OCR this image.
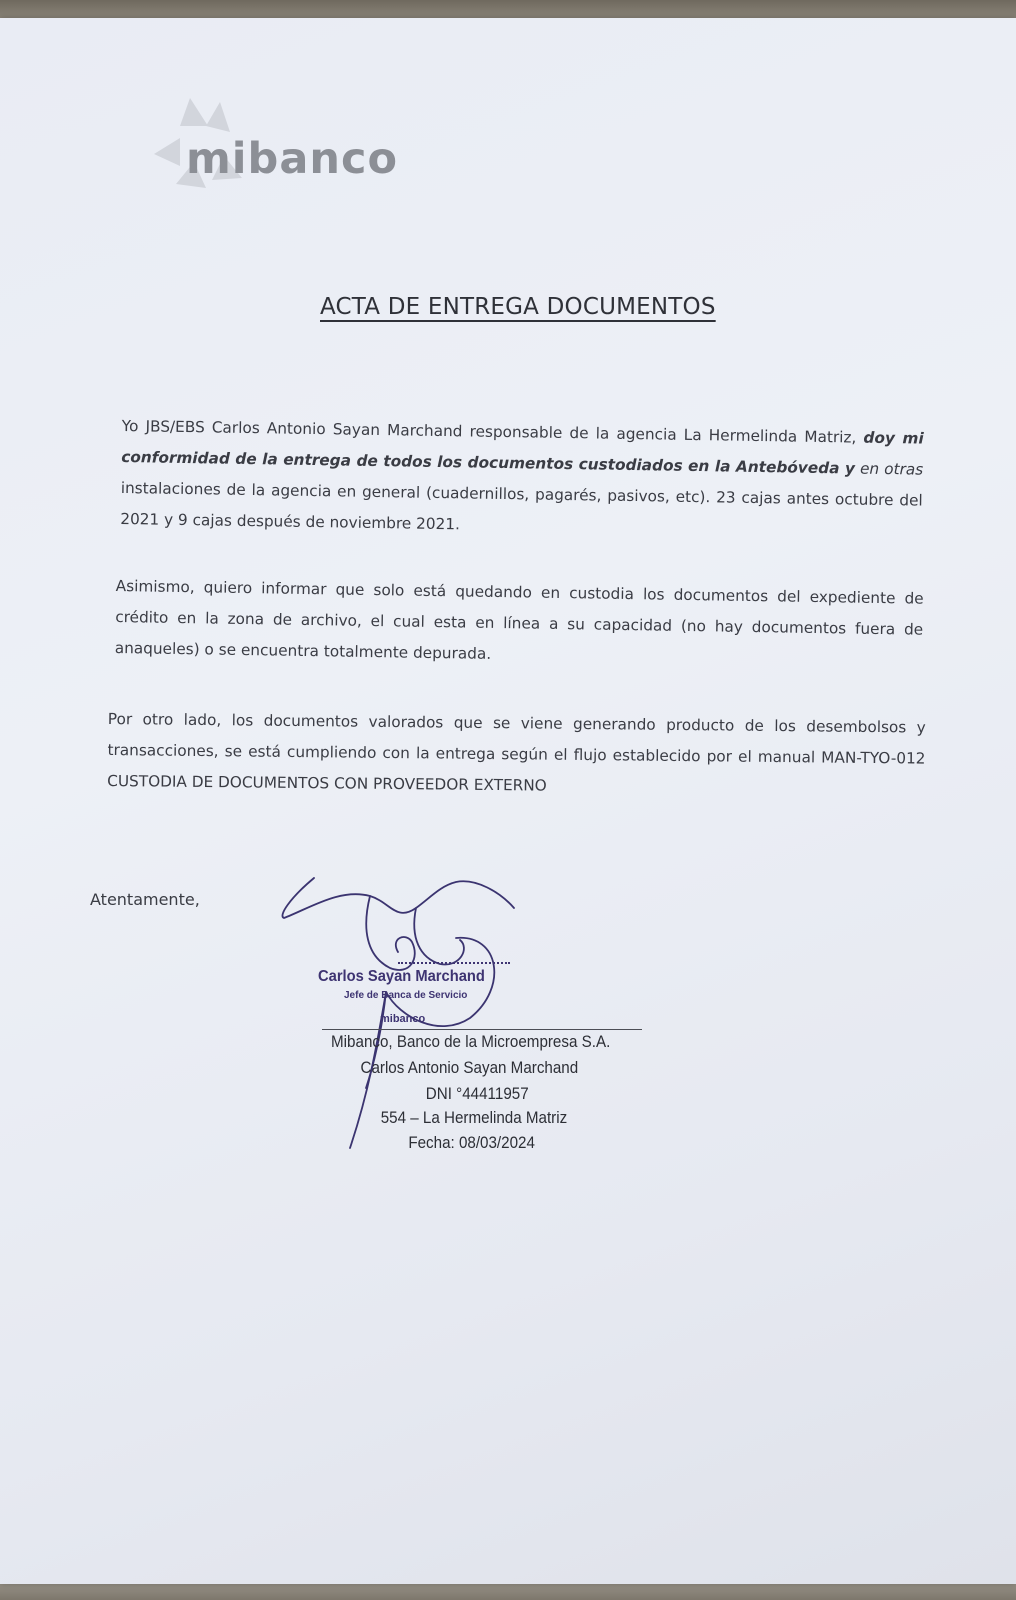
mibanco
ACTA DE ENTREGA DOCUMENTOS
Yo JBS/EBS Carlos Antonio Sayan Marchand responsable de la agencia La Hermelinda Matriz, doy mi conformidad de la entrega de todos los documentos custodiados en la Antebóveda y en otras instalaciones de la agencia en general (cuadernillos, pagarés, pasivos, etc). 23 cajas antes octubre del 2021 y 9 cajas después de noviembre 2021.
Asimismo, quiero informar que solo está quedando en custodia los documentos del expediente de crédito en la zona de archivo, el cual esta en línea a su capacidad (no hay documentos fuera de anaqueles) o se encuentra totalmente depurada.
Por otro lado, los documentos valorados que se viene generando producto de los desembolsos y transacciones, se está cumpliendo con la entrega según el flujo establecido por el manual MAN-TYO-012 CUSTODIA DE DOCUMENTOS CON PROVEEDOR EXTERNO
Atentamente,
Carlos Sayan Marchand
Jefe de Banca de Servicio
mibanco
Mibanco, Banco de la Microempresa S.A.
Carlos Antonio Sayan Marchand
DNI °44411957
554 – La Hermelinda Matriz
Fecha: 08/03/2024
